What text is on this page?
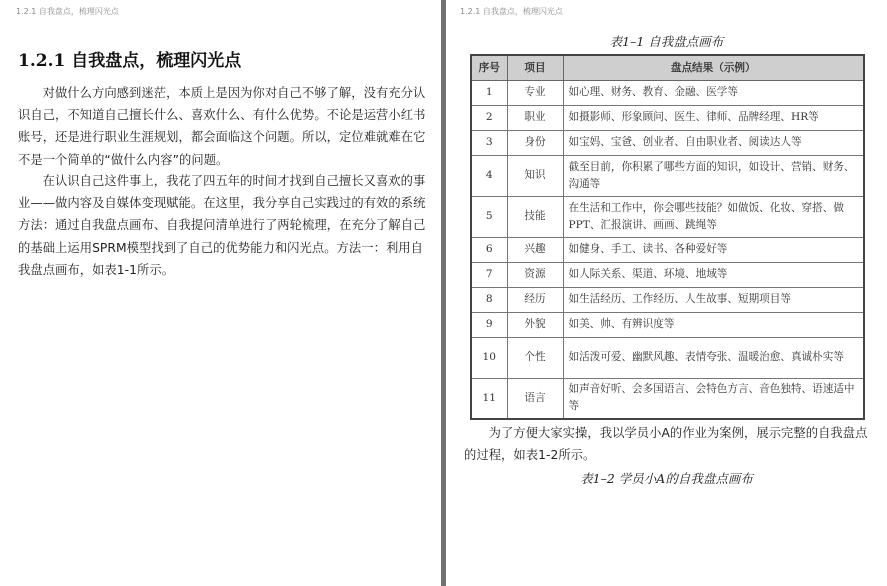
1.2.1 自我盘点，梳理闪光点
1.2.1 自我盘点，梳理闪光点

对做什么方向感到迷茫，本质上是因为你对自己不够了解，没有充分认识自己，不知道自己擅长什么、喜欢什么、有什么优势。不论是运营小红书账号，还是进行职业生涯规划，都会面临这个问题。所以，定位难就难在它不是一个简单的“做什么内容”的问题。

在认识自己这件事上，我花了四五年的时间才找到自己擅长又喜欢的事业——做内容及自媒体变现赋能。在这里，我分享自己实践过的有效的系统方法：通过自我盘点画布、自我提问清单进行了两轮梳理，在充分了解自己的基础上运用SPRM模型找到了自己的优势能力和闪光点。方法一：利用自我盘点画布，如表1-1所示。

1.2.1 自我盘点，梳理闪光点
表1–1 自我盘点画布
序号	项目	盘点结果（示例）
1	专业	如心理、财务、教育、金融、医学等
2	职业	如摄影师、形象顾问、医生、律师、品牌经理、HR等
3	身份	如宝妈、宝爸、创业者、自由职业者、阅读达人等
4	知识	截至目前，你积累了哪些方面的知识，如设计、营销、财务、沟通等
5	技能	在生活和工作中，你会哪些技能？如做饭、化妆、穿搭、做PPT、汇报演讲、画画、跳绳等
6	兴趣	如健身、手工、读书、各种爱好等
7	资源	如人际关系、渠道、环境、地域等
8	经历	如生活经历、工作经历、人生故事、短期项目等
9	外貌	如美、帅、有辨识度等
10	个性	如活泼可爱、幽默风趣、表情夸张、温暖治愈、真诚朴实等
11	语言	如声音好听、会多国语言、会特色方言、音色独特、语速适中等

为了方便大家实操，我以学员小A的作业为案例，展示完整的自我盘点的过程，如表1-2所示。

表1–2 学员小A的自我盘点画布
